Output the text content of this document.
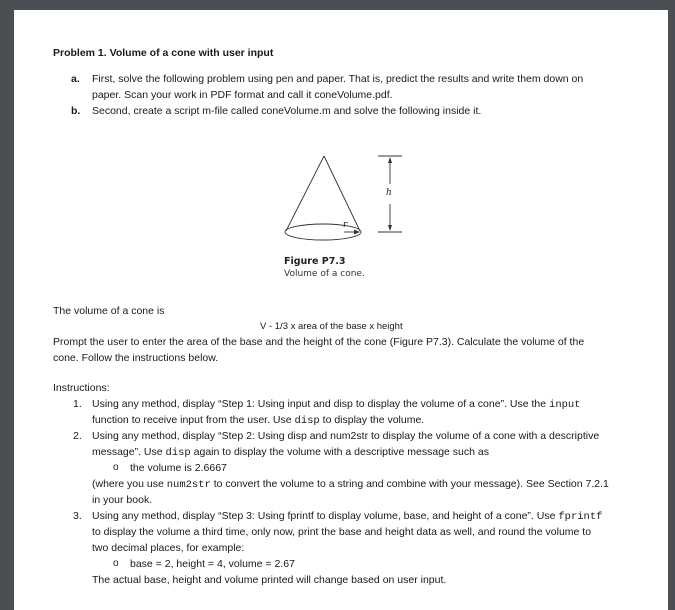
Problem 1. Volume of a cone with user input
a. First, solve the following problem using pen and paper. That is, predict the results and write them down on
paper. Scan your work in PDF format and call it coneVolume.pdf.
b. Second, create a script m-file called coneVolume.m and solve the following inside it.
h
r
Figure P7.3
Volume of a cone.
The volume of a cone is
V - 1/3 x area of the base x height
Prompt the user to enter the area of the base and the height of the cone (Figure P7.3). Calculate the volume of the
cone. Follow the instructions below.
Instructions:
1. Using any method, display “Step 1: Using input and disp to display the volume of a cone”. Use the input
function to receive input from the user. Use disp to display the volume.
2. Using any method, display “Step 2: Using disp and num2str to display the volume of a cone with a descriptive
message”. Use disp again to display the volume with a descriptive message such as
o the volume is 2.6667
(where you use num2str to convert the volume to a string and combine with your message). See Section 7.2.1
in your book.
3. Using any method, display “Step 3: Using fprintf to display volume, base, and height of a cone”. Use fprintf
to display the volume a third time, only now, print the base and height data as well, and round the volume to
two decimal places, for example:
o base = 2, height = 4, volume = 2.67
The actual base, height and volume printed will change based on user input.
